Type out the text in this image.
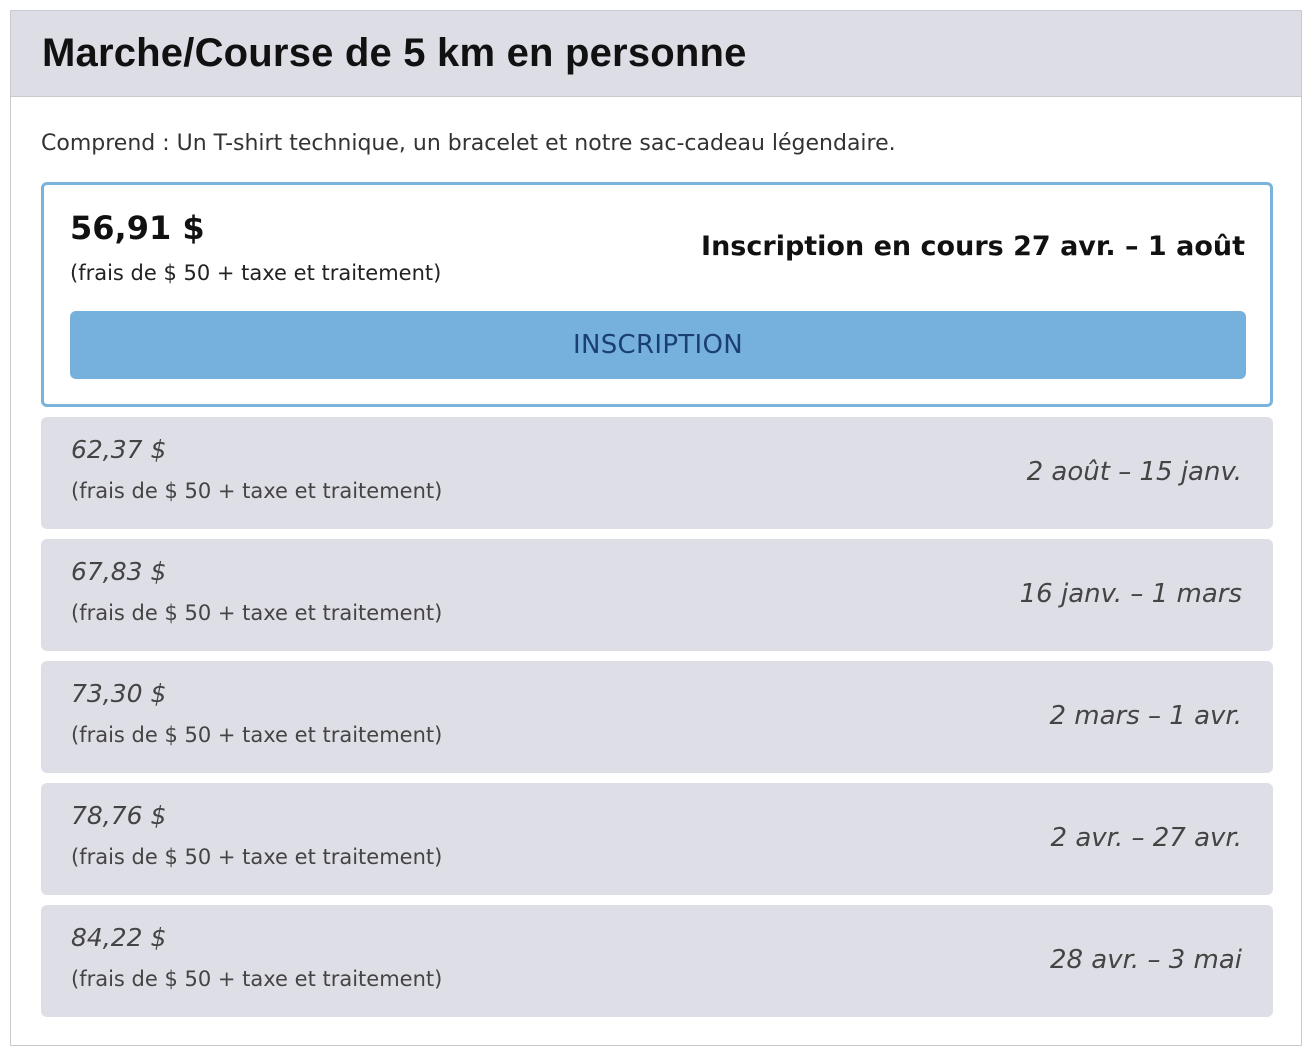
Marche/Course de 5 km en personne

Comprend : Un T-shirt technique, un bracelet et notre sac-cadeau légendaire.

56,91 $
(frais de $ 50 + taxe et traitement)
Inscription en cours 27 avr. – 1 août
INSCRIPTION
62,37 $
(frais de $ 50 + taxe et traitement)
2 août – 15 janv.
67,83 $
(frais de $ 50 + taxe et traitement)
16 janv. – 1 mars
73,30 $
(frais de $ 50 + taxe et traitement)
2 mars – 1 avr.
78,76 $
(frais de $ 50 + taxe et traitement)
2 avr. – 27 avr.
84,22 $
(frais de $ 50 + taxe et traitement)
28 avr. – 3 mai
